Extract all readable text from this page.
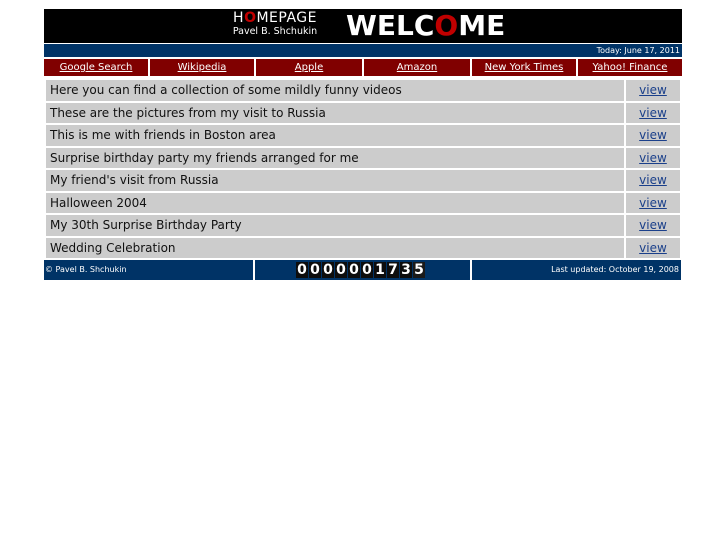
HOMEPAGE
Pavel B. Shchukin WELCOME
Today: June 17, 2011
Google Search	Wikipedia	Apple	Amazon	New York Times	Yahoo! Finance
Here you can find a collection of some mildly funny videos	view
These are the pictures from my visit to Russia	view
This is me with friends in Boston area	view
Surprise birthday party my friends arranged for me	view
My friend's visit from Russia	view
Halloween 2004	view
My 30th Surprise Birthday Party	view
Wedding Celebration	view
© Pavel B. Shchukin	0 0 0 0 0 0 1 7 3 5	Last updated: October 19, 2008
